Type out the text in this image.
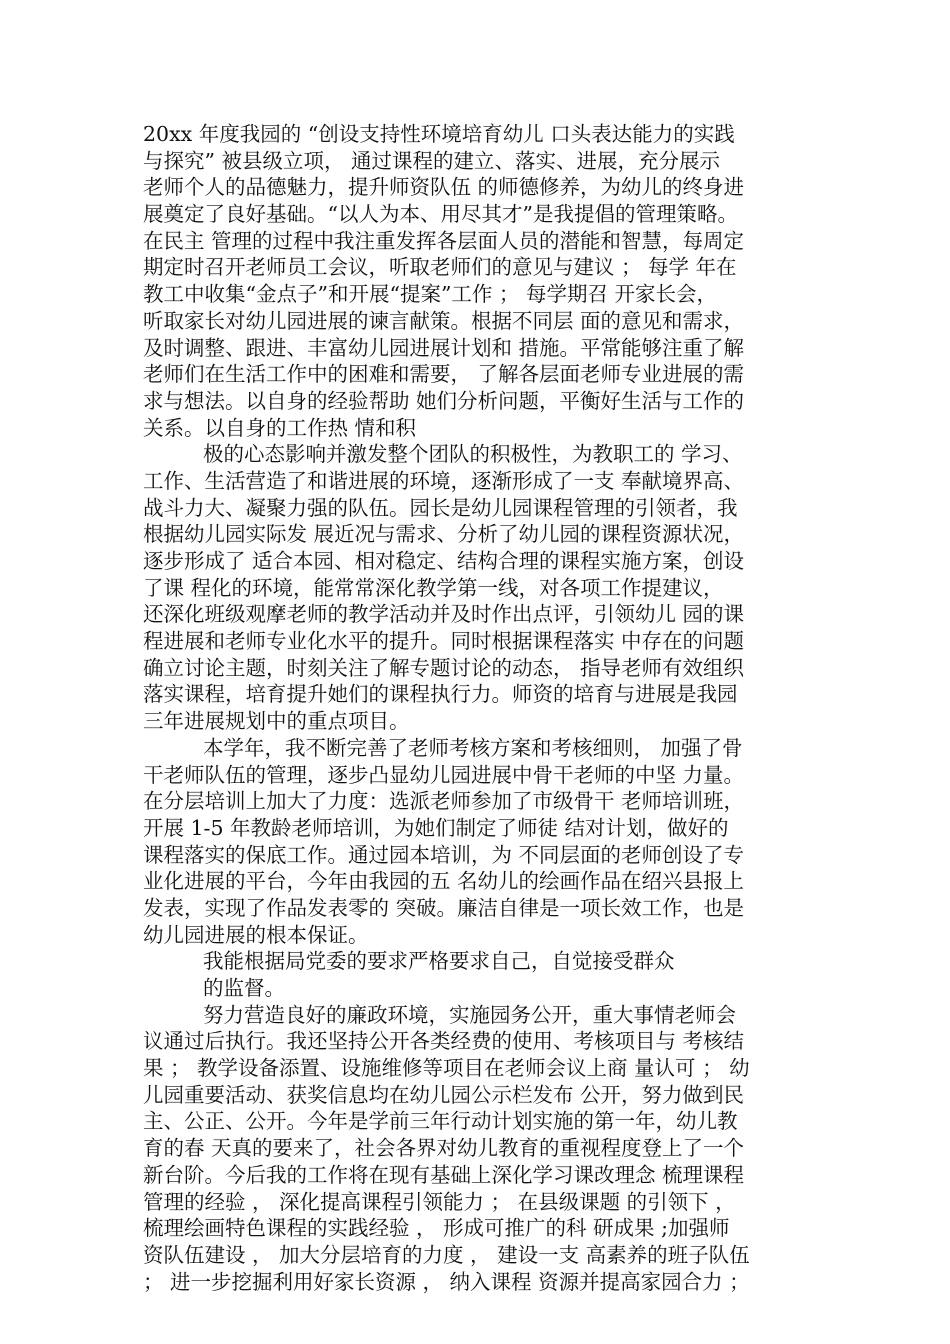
20xx 年度我园的 “创设支持性环境培育幼儿 口头表达能力的实践
与探究” 被县级立项， 通过课程的建立、落实、进展，充分展示
老师个人的品德魅力，提升师资队伍 的师德修养，为幼儿的终身进
展奠定了良好基础。“以人为本、用尽其才”是我提倡的管理策略。
在民主 管理的过程中我注重发挥各层面人员的潜能和智慧，每周定
期定时召开老师员工会议，听取老师们的意见与建议 ； 每学 年在
教工中收集“金点子”和开展“提案”工作 ； 每学期召 开家长会，
听取家长对幼儿园进展的谏言献策。根据不同层 面的意见和需求，
及时调整、跟进、丰富幼儿园进展计划和 措施。平常能够注重了解
老师们在生活工作中的困难和需要， 了解各层面老师专业进展的需
求与想法。以自身的经验帮助 她们分析问题，平衡好生活与工作的
关系。以自身的工作热 情和积
极的心态影响并激发整个团队的积极性，为教职工的 学习、
工作、生活营造了和谐进展的环境，逐渐形成了一支 奉献境界高、
战斗力大、凝聚力强的队伍。园长是幼儿园课程管理的引领者，我
根据幼儿园实际发 展近况与需求、分析了幼儿园的课程资源状况，
逐步形成了 适合本园、相对稳定、结构合理的课程实施方案，创设
了课 程化的环境，能常常深化教学第一线，对各项工作提建议，
还深化班级观摩老师的教学活动并及时作出点评，引领幼儿 园的课
程进展和老师专业化水平的提升。同时根据课程落实 中存在的问题
确立讨论主题，时刻关注了解专题讨论的动态， 指导老师有效组织
落实课程，培育提升她们的课程执行力。师资的培育与进展是我园
三年进展规划中的重点项目。
本学年，我不断完善了老师考核方案和考核细则， 加强了骨
干老师队伍的管理，逐步凸显幼儿园进展中骨干老师的中坚 力量。
在分层培训上加大了力度：选派老师参加了市级骨干 老师培训班，
开展 1-5 年教龄老师培训，为她们制定了师徒 结对计划，做好的
课程落实的保底工作。通过园本培训，为 不同层面的老师创设了专
业化进展的平台，今年由我园的五 名幼儿的绘画作品在绍兴县报上
发表，实现了作品发表零的 突破。廉洁自律是一项长效工作，也是
幼儿园进展的根本保证。
我能根据局党委的要求严格要求自己，自觉接受群众
的监督。
努力营造良好的廉政环境，实施园务公开，重大事情老师会
议通过后执行。我还坚持公开各类经费的使用、考核项目与 考核结
果 ； 教学设备添置、设施维修等项目在老师会议上商 量认可 ； 幼
儿园重要活动、获奖信息均在幼儿园公示栏发布 公开，努力做到民
主、公正、公开。今年是学前三年行动计划实施的第一年，幼儿教
育的春 天真的要来了，社会各界对幼儿教育的重视程度登上了一个
新台阶。今后我的工作将在现有基础上深化学习课改理念 梳理课程
管理的经验 ， 深化提高课程引领能力 ； 在县级课题 的引领下 ，
梳理绘画特色课程的实践经验 ， 形成可推广的科 研成果 ;加强师
资队伍建设 ， 加大分层培育的力度 ， 建设一支 高素养的班子队伍
； 进一步挖掘利用好家长资源 ， 纳入课程 资源并提高家园合力 ；
